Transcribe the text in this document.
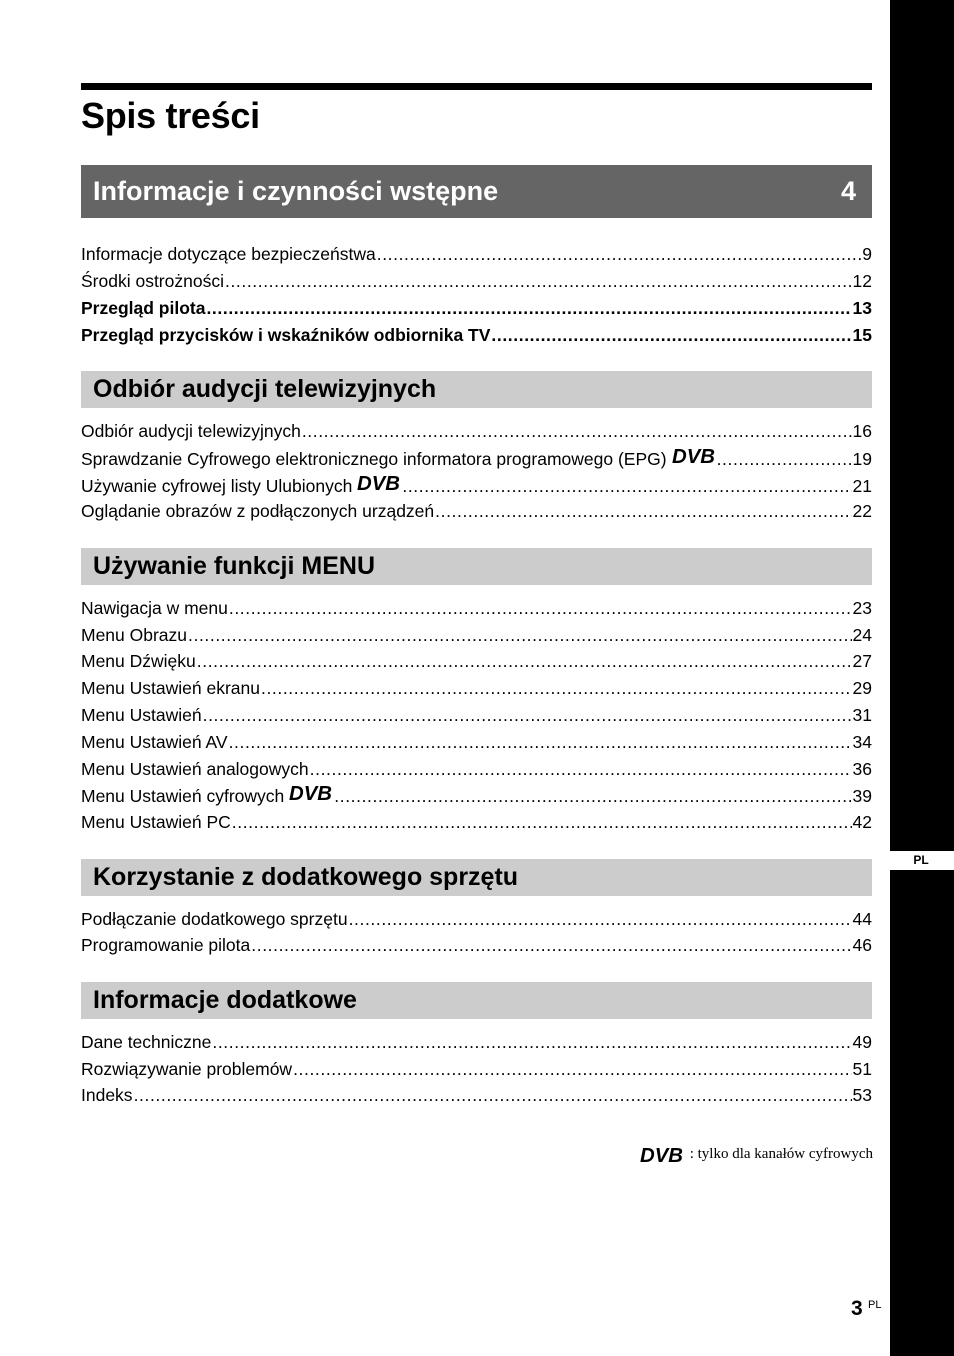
PL
Spis treści
Informacje i czynności wstępne	4
Informacje dotyczące bezpieczeństwa .....	9
Środki ostrożności .....	12
Przegląd pilota .....	13
Przegląd przycisków i wskaźników odbiornika TV .....	15
Odbiór audycji telewizyjnych
Odbiór audycji telewizyjnych .....	16
Sprawdzanie Cyfrowego elektronicznego informatora programowego (EPG) DVB .....	19
Używanie cyfrowej listy Ulubionych DVB .....	21
Oglądanie obrazów z podłączonych urządzeń .....	22
Używanie funkcji MENU
Nawigacja w menu .....	23
Menu Obrazu .....	24
Menu Dźwięku .....	27
Menu Ustawień ekranu .....	29
Menu Ustawień .....	31
Menu Ustawień AV .....	34
Menu Ustawień analogowych .....	36
Menu Ustawień cyfrowych DVB .....	39
Menu Ustawień PC .....	42
Korzystanie z dodatkowego sprzętu
Podłączanie dodatkowego sprzętu .....	44
Programowanie pilota .....	46
Informacje dodatkowe
Dane techniczne .....	49
Rozwiązywanie problemów .....	51
Indeks .....	53
DVB : tylko dla kanałów cyfrowych
3 PL
